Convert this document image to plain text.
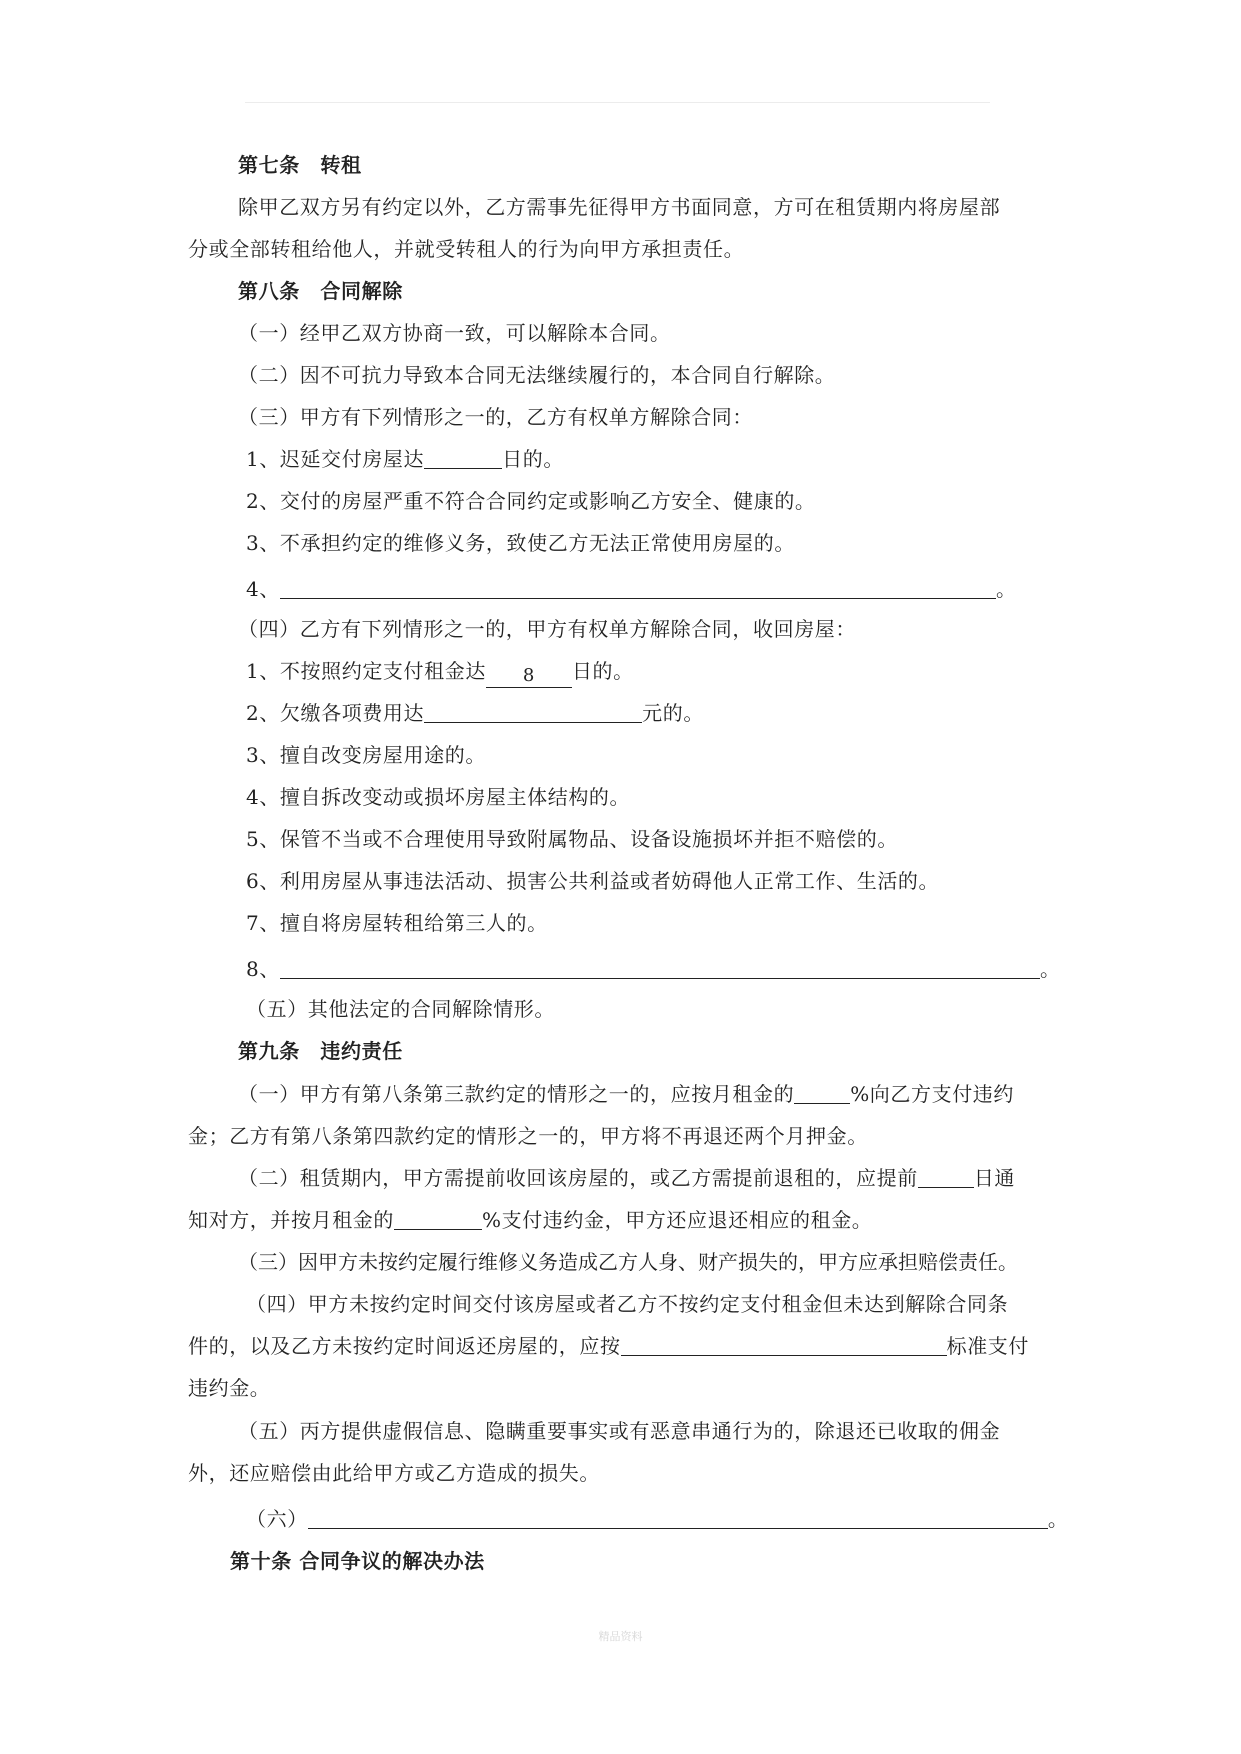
第七条　转租
除甲乙双方另有约定以外，乙方需事先征得甲方书面同意，方可在租赁期内将房屋部
分或全部转租给他人，并就受转租人的行为向甲方承担责任。
第八条　合同解除
（一）经甲乙双方协商一致，可以解除本合同。
（二）因不可抗力导致本合同无法继续履行的，本合同自行解除。
（三）甲方有下列情形之一的，乙方有权单方解除合同：
1、迟延交付房屋达	日的。
2、交付的房屋严重不符合合同约定或影响乙方安全、健康的。
3、不承担约定的维修义务，致使乙方无法正常使用房屋的。
4、	。
（四）乙方有下列情形之一的，甲方有权单方解除合同，收回房屋：
1、不按照约定支付租金达 8 日的。
2、欠缴各项费用达	元的。
3、擅自改变房屋用途的。
4、擅自拆改变动或损坏房屋主体结构的。
5、保管不当或不合理使用导致附属物品、设备设施损坏并拒不赔偿的。
6、利用房屋从事违法活动、损害公共利益或者妨碍他人正常工作、生活的。
7、擅自将房屋转租给第三人的。
8、	。
（五）其他法定的合同解除情形。
第九条　违约责任
（一）甲方有第八条第三款约定的情形之一的，应按月租金的	%向乙方支付违约
金；乙方有第八条第四款约定的情形之一的，甲方将不再退还两个月押金。
（二）租赁期内，甲方需提前收回该房屋的，或乙方需提前退租的，应提前	日通
知对方，并按月租金的	%支付违约金，甲方还应退还相应的租金。
（三）因甲方未按约定履行维修义务造成乙方人身、财产损失的，甲方应承担赔偿责任。
（四）甲方未按约定时间交付该房屋或者乙方不按约定支付租金但未达到解除合同条
件的，以及乙方未按约定时间返还房屋的，应按	标准支付
违约金。
（五）丙方提供虚假信息、隐瞒重要事实或有恶意串通行为的，除退还已收取的佣金
外，还应赔偿由此给甲方或乙方造成的损失。
（六）	。
第十条 合同争议的解决办法
精品资料
